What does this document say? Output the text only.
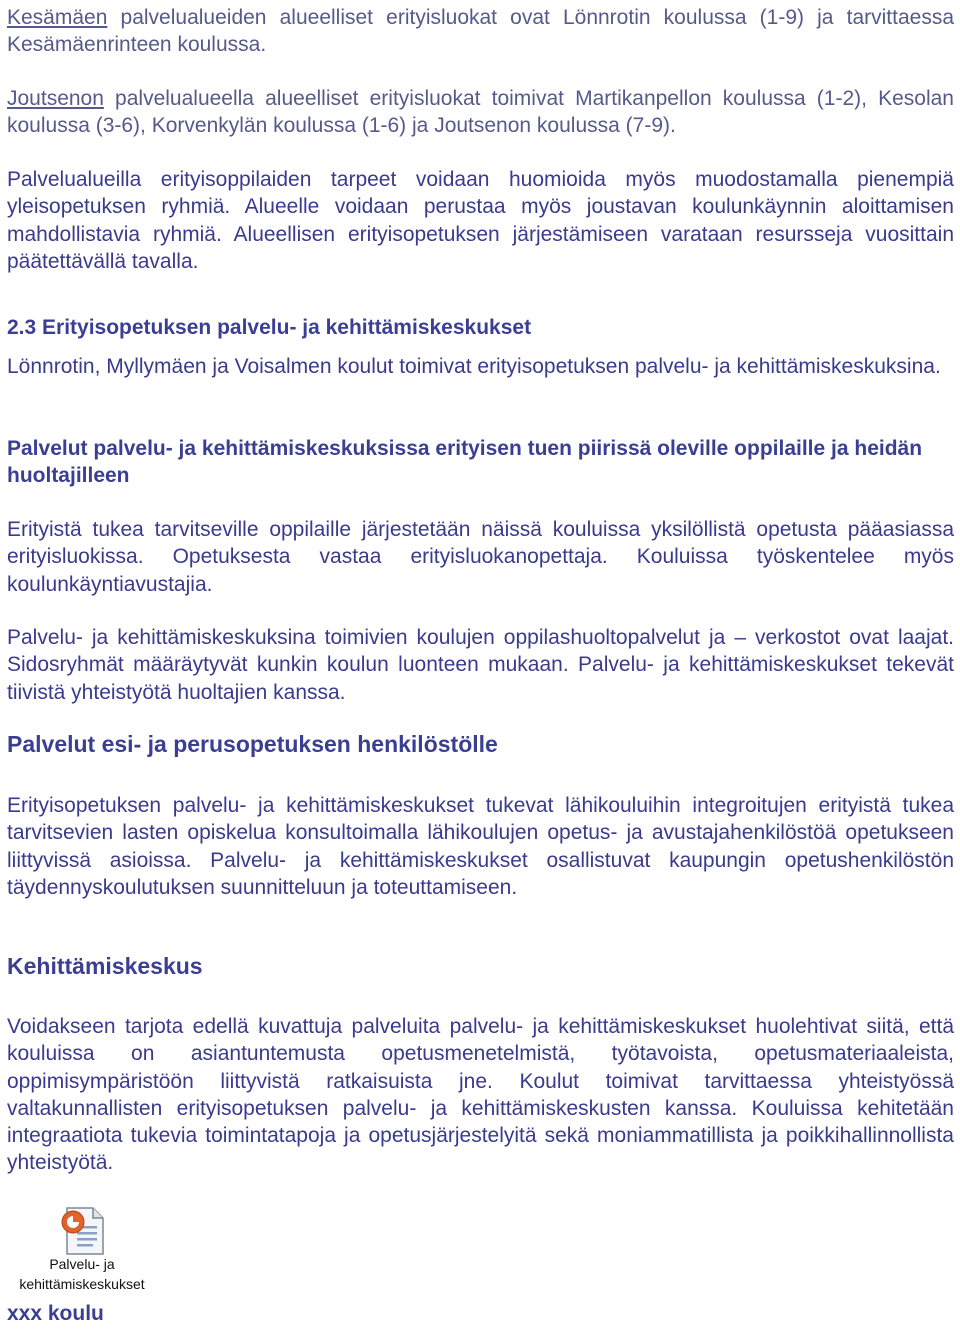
Kesämäen palvelualueiden alueelliset erityisluokat ovat Lönnrotin koulussa (1-9) ja tarvittaessa Kesämäenrinteen koulussa.

Joutsenon palvelualueella alueelliset erityisluokat toimivat Martikanpellon koulussa (1-2), Kesolan koulussa (3-6), Korvenkylän koulussa (1-6) ja Joutsenon koulussa (7-9).

Palvelualueilla erityisoppilaiden tarpeet voidaan huomioida myös muodostamalla pienempiä yleisopetuksen ryhmiä. Alueelle voidaan perustaa myös joustavan koulunkäynnin aloittamisen mahdollistavia ryhmiä. Alueellisen erityisopetuksen järjestämiseen varataan resursseja vuosittain päätettävällä tavalla.

2.3 Erityisopetuksen palvelu- ja kehittämiskeskukset

Lönnrotin, Myllymäen ja Voisalmen koulut toimivat erityisopetuksen palvelu- ja kehittämiskeskuksina.

Palvelut palvelu- ja kehittämiskeskuksissa erityisen tuen piirissä oleville oppilaille ja heidän huoltajilleen

Erityistä tukea tarvitseville oppilaille järjestetään näissä kouluissa yksilöllistä opetusta pääasiassa erityisluokissa. Opetuksesta vastaa erityisluokanopettaja. Kouluissa työskentelee myös koulunkäyntiavustajia.

Palvelu- ja kehittämiskeskuksina toimivien koulujen oppilashuoltopalvelut ja – verkostot ovat laajat. Sidosryhmät määräytyvät kunkin koulun luonteen mukaan. Palvelu- ja kehittämiskeskukset tekevät tiivistä yhteistyötä huoltajien kanssa.

Palvelut esi- ja perusopetuksen henkilöstölle

Erityisopetuksen palvelu- ja kehittämiskeskukset tukevat lähikouluihin integroitujen erityistä tukea tarvitsevien lasten opiskelua konsultoimalla lähikoulujen opetus- ja avustajahenkilöstöä opetukseen liittyvissä asioissa. Palvelu- ja kehittämiskeskukset osallistuvat kaupungin opetushenkilöstön täydennyskoulutuksen suunnitteluun ja toteuttamiseen.

Kehittämiskeskus

Voidakseen tarjota edellä kuvattuja palveluita palvelu- ja kehittämiskeskukset huolehtivat siitä, että kouluissa on asiantuntemusta opetusmenetelmistä, työtavoista, opetusmateriaaleista, oppimisympäristöön liittyvistä ratkaisuista jne. Koulut toimivat tarvittaessa yhteistyössä valtakunnallisten erityisopetuksen palvelu- ja kehittämiskeskusten kanssa. Kouluissa kehitetään integraatiota tukevia toimintatapoja ja opetusjärjestelyitä sekä moniammatillista ja poikkihallinnollista yhteistyötä.

Palvelu- ja
kehittämiskeskukset
xxx koulu
